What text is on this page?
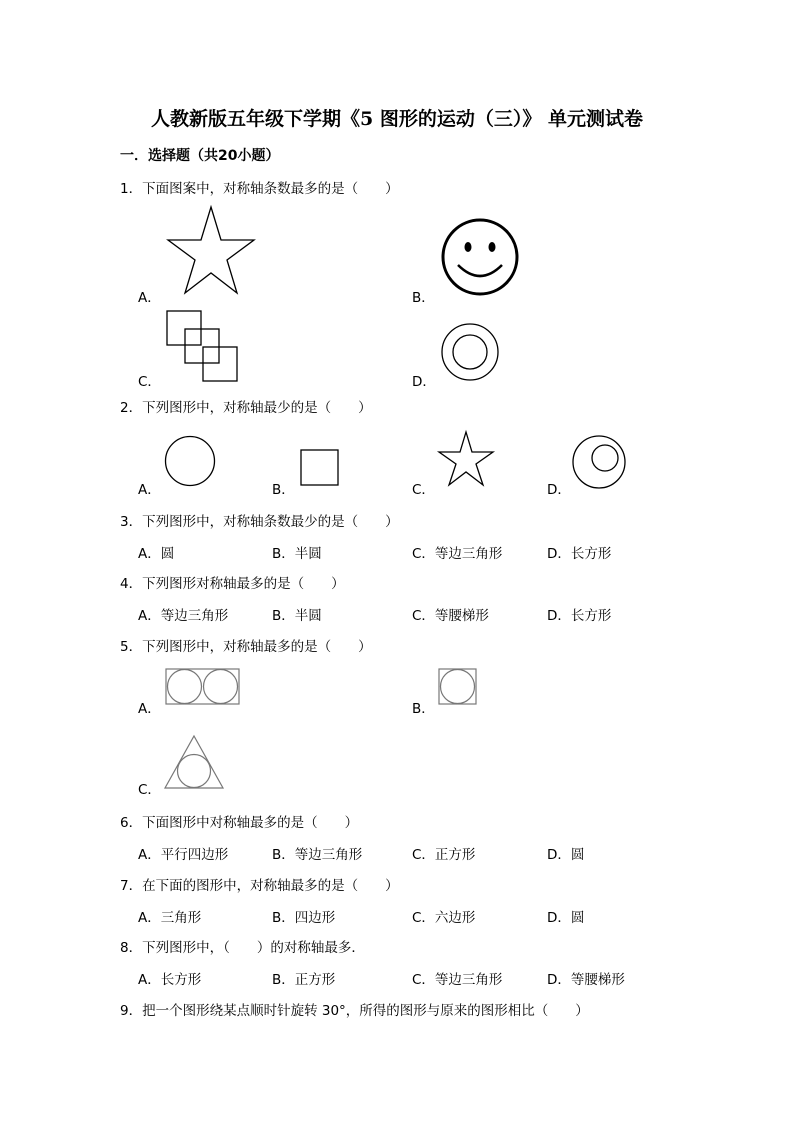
人教新版五年级下学期《5 图形的运动（三）》 单元测试卷
一．选择题（共20小题）
1．下面图案中，对称轴条数最多的是（　　）
A．	B．
C．	D．
2．下列图形中，对称轴最少的是（　　）
A．	B．	C．	D．
3．下列图形中，对称轴条数最少的是（　　）
A．圆	B．半圆	C．等边三角形	D．长方形
4．下列图形对称轴最多的是（　　）
A．等边三角形	B．半圆	C．等腰梯形	D．长方形
5．下列图形中，对称轴最多的是（　　）
A．	B．
C．
6．下面图形中对称轴最多的是（　　）
A．平行四边形	B．等边三角形	C．正方形	D．圆
7．在下面的图形中，对称轴最多的是（　　）
A．三角形	B．四边形	C．六边形	D．圆
8．下列图形中，（　　）的对称轴最多．
A．长方形	B．正方形	C．等边三角形	D．等腰梯形
9．把一个图形绕某点顺时针旋转 30°，所得的图形与原来的图形相比（　　）
